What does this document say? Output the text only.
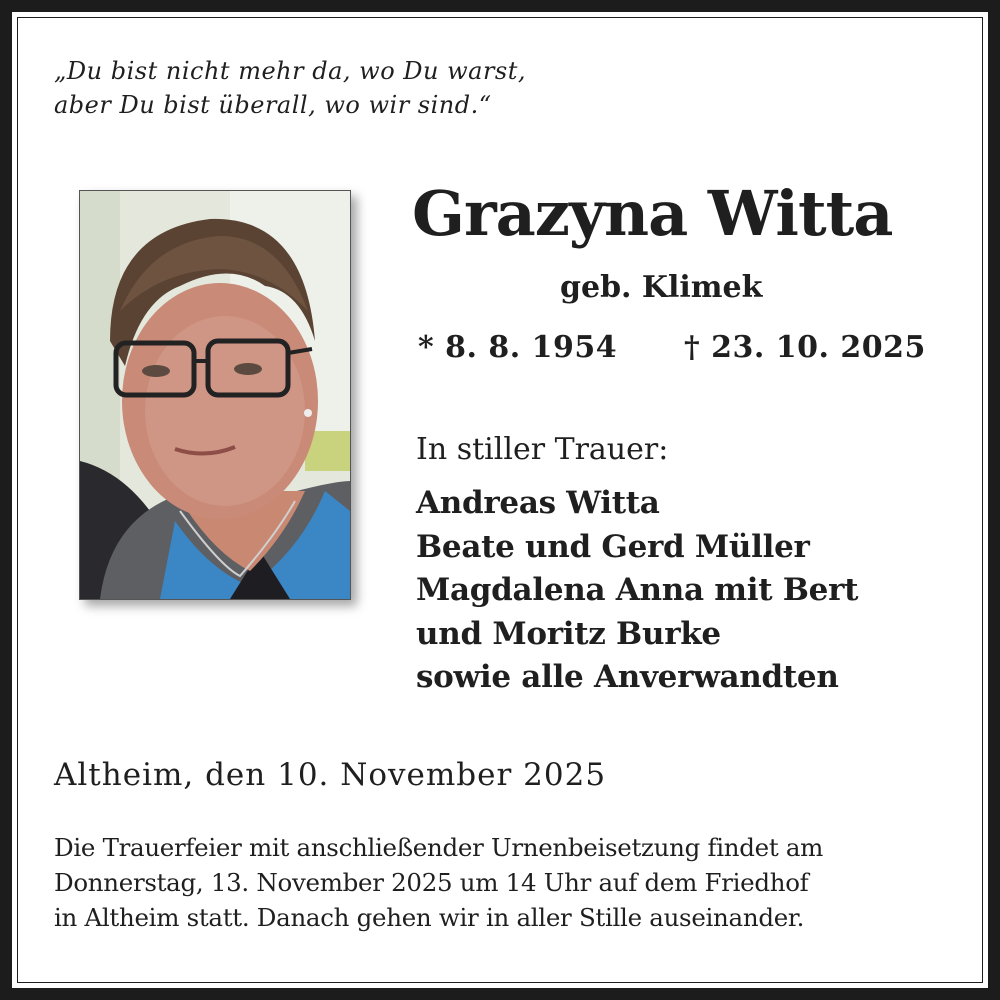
„Du bist nicht mehr da, wo Du warst,
aber Du bist überall, wo wir sind.“
Grazyna Witta
geb. Klimek
* 8. 8. 1954 † 23. 10. 2025
In stiller Trauer:
Andreas Witta
Beate und Gerd Müller
Magdalena Anna mit Bert
und Moritz Burke
sowie alle Anverwandten
Altheim, den 10. November 2025
Die Trauerfeier mit anschließender Urnenbeisetzung findet am
Donnerstag, 13. November 2025 um 14 Uhr auf dem Friedhof
in Altheim statt. Danach gehen wir in aller Stille auseinander.
